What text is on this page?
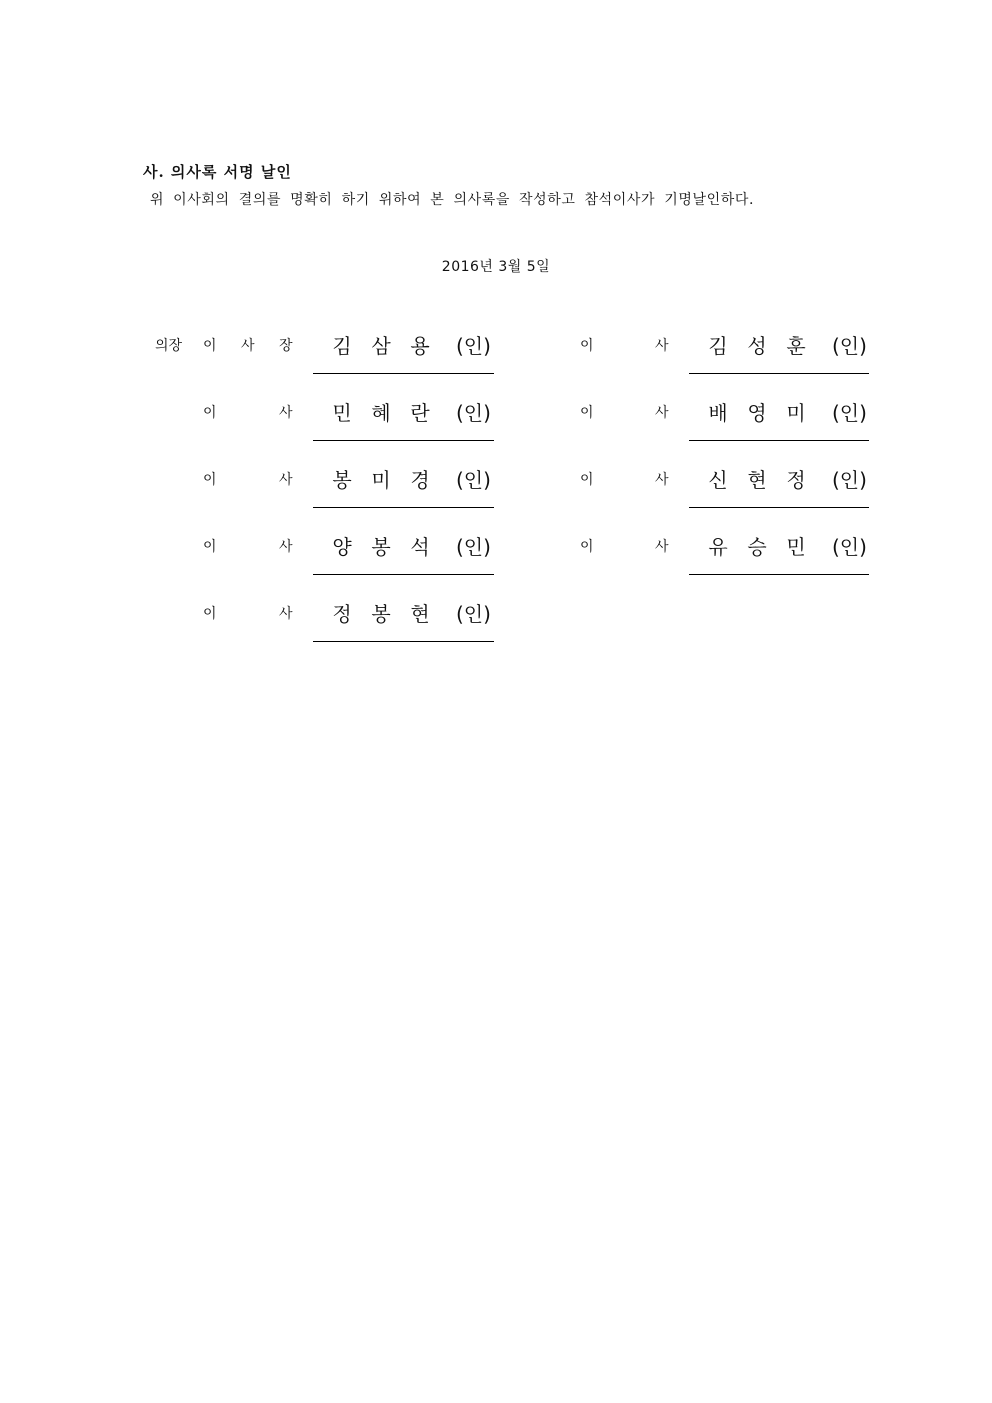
사. 의사록 서명 날인
위 이사회의 결의를 명확히 하기 위하여 본 의사록을 작성하고 참석이사가 기명날인하다.
2016년 3월 5일
의장 이 사 장 김 삼 용 (인)	이	사 김 성 훈 (인)
이	사 민 혜 란 (인)	이	사 배 영 미 (인)
이	사 봉 미 경 (인)	이	사 신 현 정 (인)
이	사 양 봉 석 (인)	이	사 유 승 민 (인)
이	사 정 봉 현 (인)
